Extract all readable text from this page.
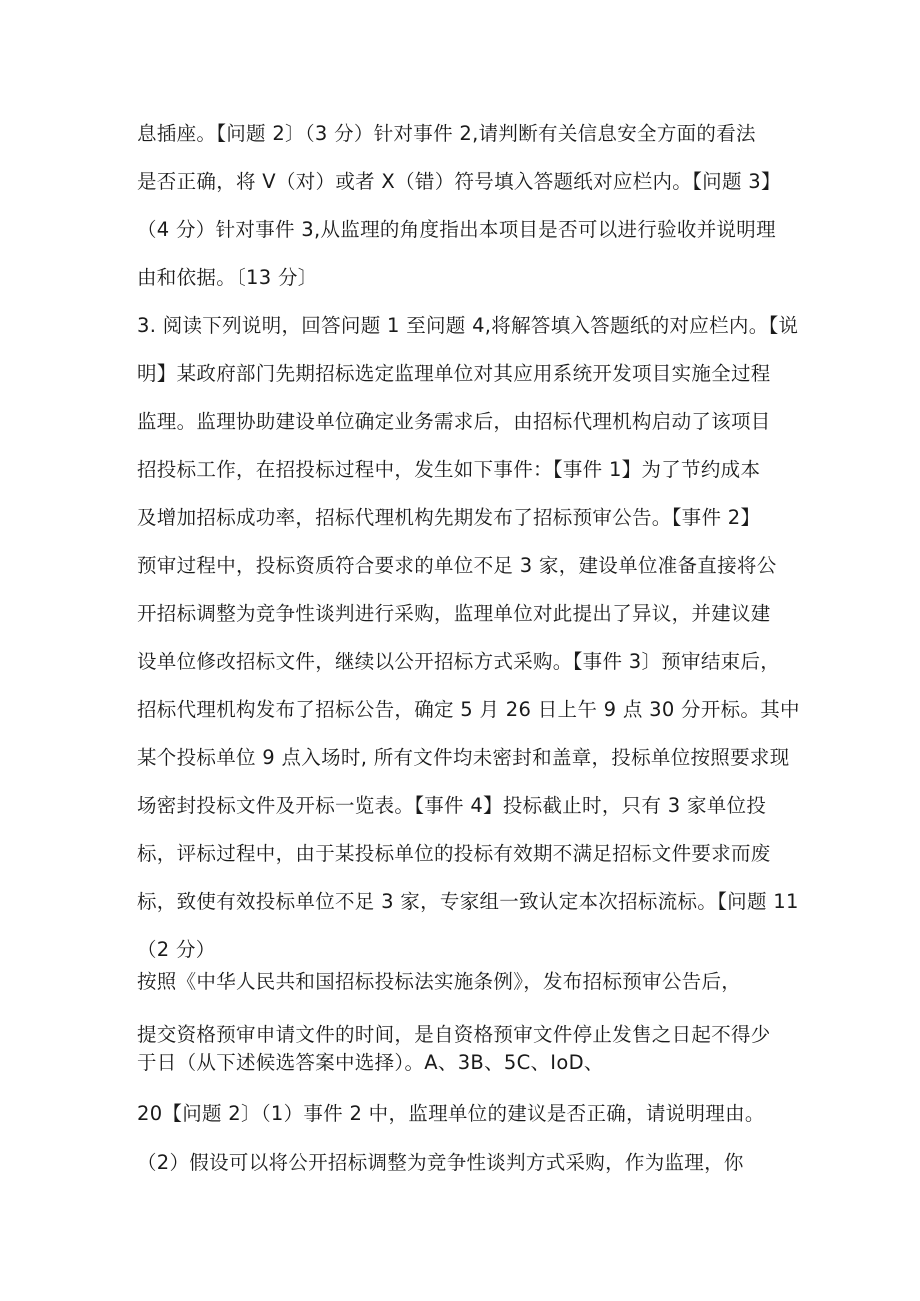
息插座。【问题 2〕（3 分）针对事件 2,请判断有关信息安全方面的看法
是否正确，将 V（对）或者 X（错）符号填入答题纸对应栏内。【问题 3】
（4 分）针对事件 3,从监理的角度指出本项目是否可以进行验收并说明理
由和依据。〔13 分〕
3. 阅读下列说明，回答问题 1 至问题 4,将解答填入答题纸的对应栏内。【说
明】某政府部门先期招标选定监理单位对其应用系统开发项目实施全过程
监理。监理协助建设单位确定业务需求后，由招标代理机构启动了该项目
招投标工作，在招投标过程中，发生如下事件：【事件 1】为了节约成本
及增加招标成功率，招标代理机构先期发布了招标预审公告。【事件 2】
预审过程中，投标资质符合要求的单位不足 3 家，建设单位准备直接将公
开招标调整为竞争性谈判进行采购，监理单位对此提出了异议，并建议建
设单位修改招标文件，继续以公开招标方式采购。【事件 3〕预审结束后，
招标代理机构发布了招标公告，确定 5 月 26 日上午 9 点 30 分开标。其中
某个投标单位 9 点入场时, 所有文件均未密封和盖章，投标单位按照要求现
场密封投标文件及开标一览表。【事件 4】投标截止时，只有 3 家单位投
标，评标过程中，由于某投标单位的投标有效期不满足招标文件要求而废
标，致使有效投标单位不足 3 家，专家组一致认定本次招标流标。【问题 11
（2 分）
按照《中华人民共和国招标投标法实施条例》，发布招标预审公告后，
提交资格预审申请文件的时间，是自资格预审文件停止发售之日起不得少
于日（从下述候选答案中选择）。A、3B、5C、IoD、
20【问题 2〕（1）事件 2 中，监理单位的建议是否正确，请说明理由。
（2）假设可以将公开招标调整为竞争性谈判方式采购，作为监理，你
